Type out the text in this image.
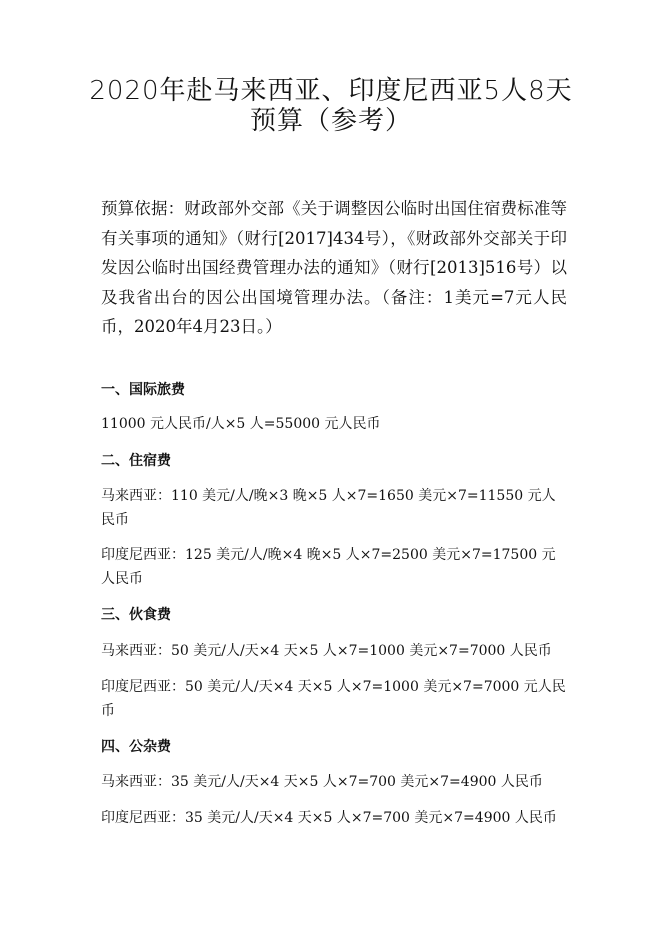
2020年赴马来西亚、印度尼西亚5人8天
预算（参考）
预算依据：财政部外交部《关于调整因公临时出国住宿费标准等有关事项的通知》（财行[2017]434号），《财政部外交部关于印发因公临时出国经费管理办法的通知》（财行[2013]516号）以及我省出台的因公出国境管理办法。（备注：1美元=7元人民币，2020年4月23日。）
一、国际旅费
11000 元人民币/人×5 人=55000 元人民币
二、住宿费
马来西亚：110 美元/人/晚×3 晚×5 人×7=1650 美元×7=11550 元人民币
印度尼西亚：125 美元/人/晚×4 晚×5 人×7=2500 美元×7=17500 元人民币
三、伙食费
马来西亚：50 美元/人/天×4 天×5 人×7=1000 美元×7=7000 人民币
印度尼西亚：50 美元/人/天×4 天×5 人×7=1000 美元×7=7000 元人民币
四、公杂费
马来西亚：35 美元/人/天×4 天×5 人×7=700 美元×7=4900 人民币
印度尼西亚：35 美元/人/天×4 天×5 人×7=700 美元×7=4900 人民币
